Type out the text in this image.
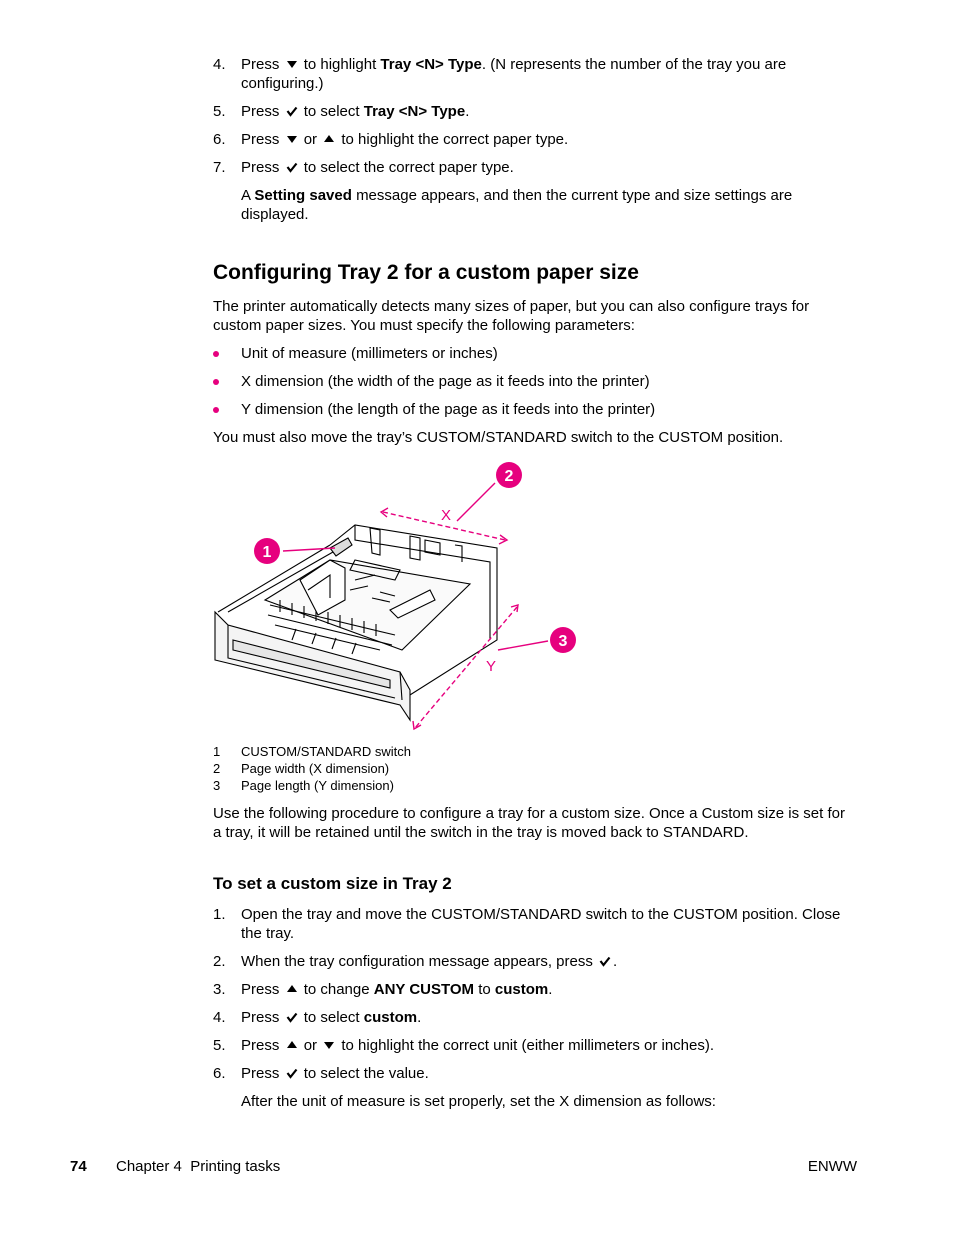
4. Press to highlight Tray <N> Type. (N represents the number of the tray you are configuring.)
5. Press to select Tray <N> Type.
6. Press or to highlight the correct paper type.
7. Press to select the correct paper type.
A Setting saved message appears, and then the current type and size settings are displayed.
Configuring Tray 2 for a custom paper size
The printer automatically detects many sizes of paper, but you can also configure trays for custom paper sizes. You must specify the following parameters:
Unit of measure (millimeters or inches)
X dimension (the width of the page as it feeds into the printer)
Y dimension (the length of the page as it feeds into the printer)
You must also move the tray’s CUSTOM/STANDARD switch to the CUSTOM position.
1
2
3
X
Y
1 CUSTOM/STANDARD switch
2 Page width (X dimension)
3 Page length (Y dimension)
Use the following procedure to configure a tray for a custom size. Once a Custom size is set for a tray, it will be retained until the switch in the tray is moved back to STANDARD.
To set a custom size in Tray 2
1. Open the tray and move the CUSTOM/STANDARD switch to the CUSTOM position. Close the tray.
2. When the tray configuration message appears, press .
3. Press to change ANY CUSTOM to custom.
4. Press to select custom.
5. Press or to highlight the correct unit (either millimeters or inches).
6. Press to select the value.
After the unit of measure is set properly, set the X dimension as follows:
74 Chapter 4  Printing tasks	ENWW
